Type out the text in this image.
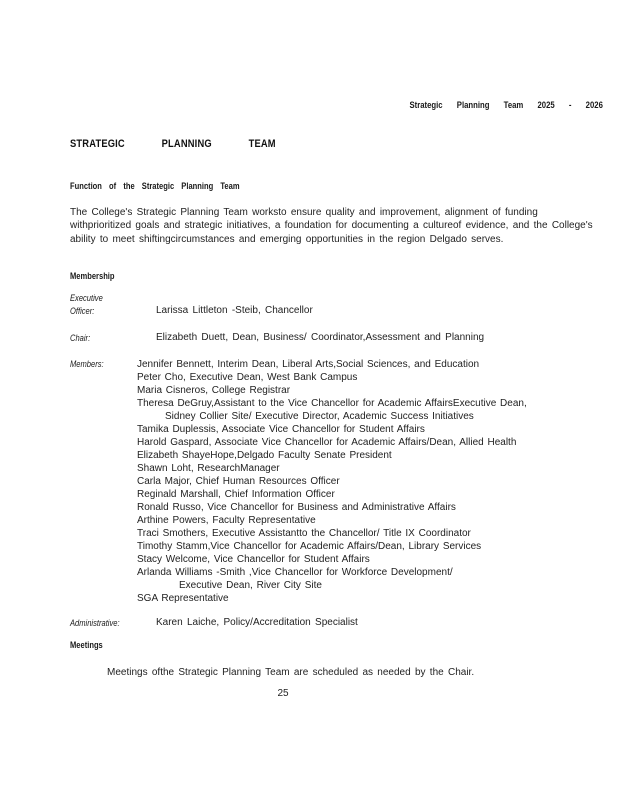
Strategic Planning Team 2025 - 2026
STRATEGIC PLANNING TEAM
Function of the Strategic Planning Team
The College's Strategic Planning Team worksto ensure quality and improvement, alignment of funding withprioritized goals and strategic initiatives, a foundation for documenting a cultureof evidence, and the College's ability to meet shiftingcircumstances and emerging opportunities in the region Delgado serves.
Membership
Executive
Officer:	Larissa Littleton -Steib, Chancellor
Chair:	Elizabeth Duett, Dean, Business/ Coordinator,Assessment and Planning
Members:	Jennifer Bennett, Interim Dean, Liberal Arts,Social Sciences, and Education
Peter Cho, Executive Dean, West Bank Campus
Maria Cisneros, College Registrar
Theresa DeGruy,Assistant to the Vice Chancellor for Academic AffairsExecutive Dean,
Sidney Collier Site/ Executive Director, Academic Success Initiatives
Tamika Duplessis, Associate Vice Chancellor for Student Affairs
Harold Gaspard, Associate Vice Chancellor for Academic Affairs/Dean, Allied Health
Elizabeth ShayeHope,Delgado Faculty Senate President
Shawn Loht, ResearchManager
Carla Major, Chief Human Resources Officer
Reginald Marshall, Chief Information Officer
Ronald Russo, Vice Chancellor for Business and Administrative Affairs
Arthine Powers, Faculty Representative
Traci Smothers, Executive Assistantto the Chancellor/ Title IX Coordinator
Timothy Stamm,Vice Chancellor for Academic Affairs/Dean, Library Services
Stacy Welcome, Vice Chancellor for Student Affairs
Arlanda Williams -Smith ,Vice Chancellor for Workforce Development/
Executive Dean, River City Site
SGA Representative
Administrative:	Karen Laiche, Policy/Accreditation Specialist
Meetings
Meetings ofthe Strategic Planning Team are scheduled as needed by the Chair.
25
